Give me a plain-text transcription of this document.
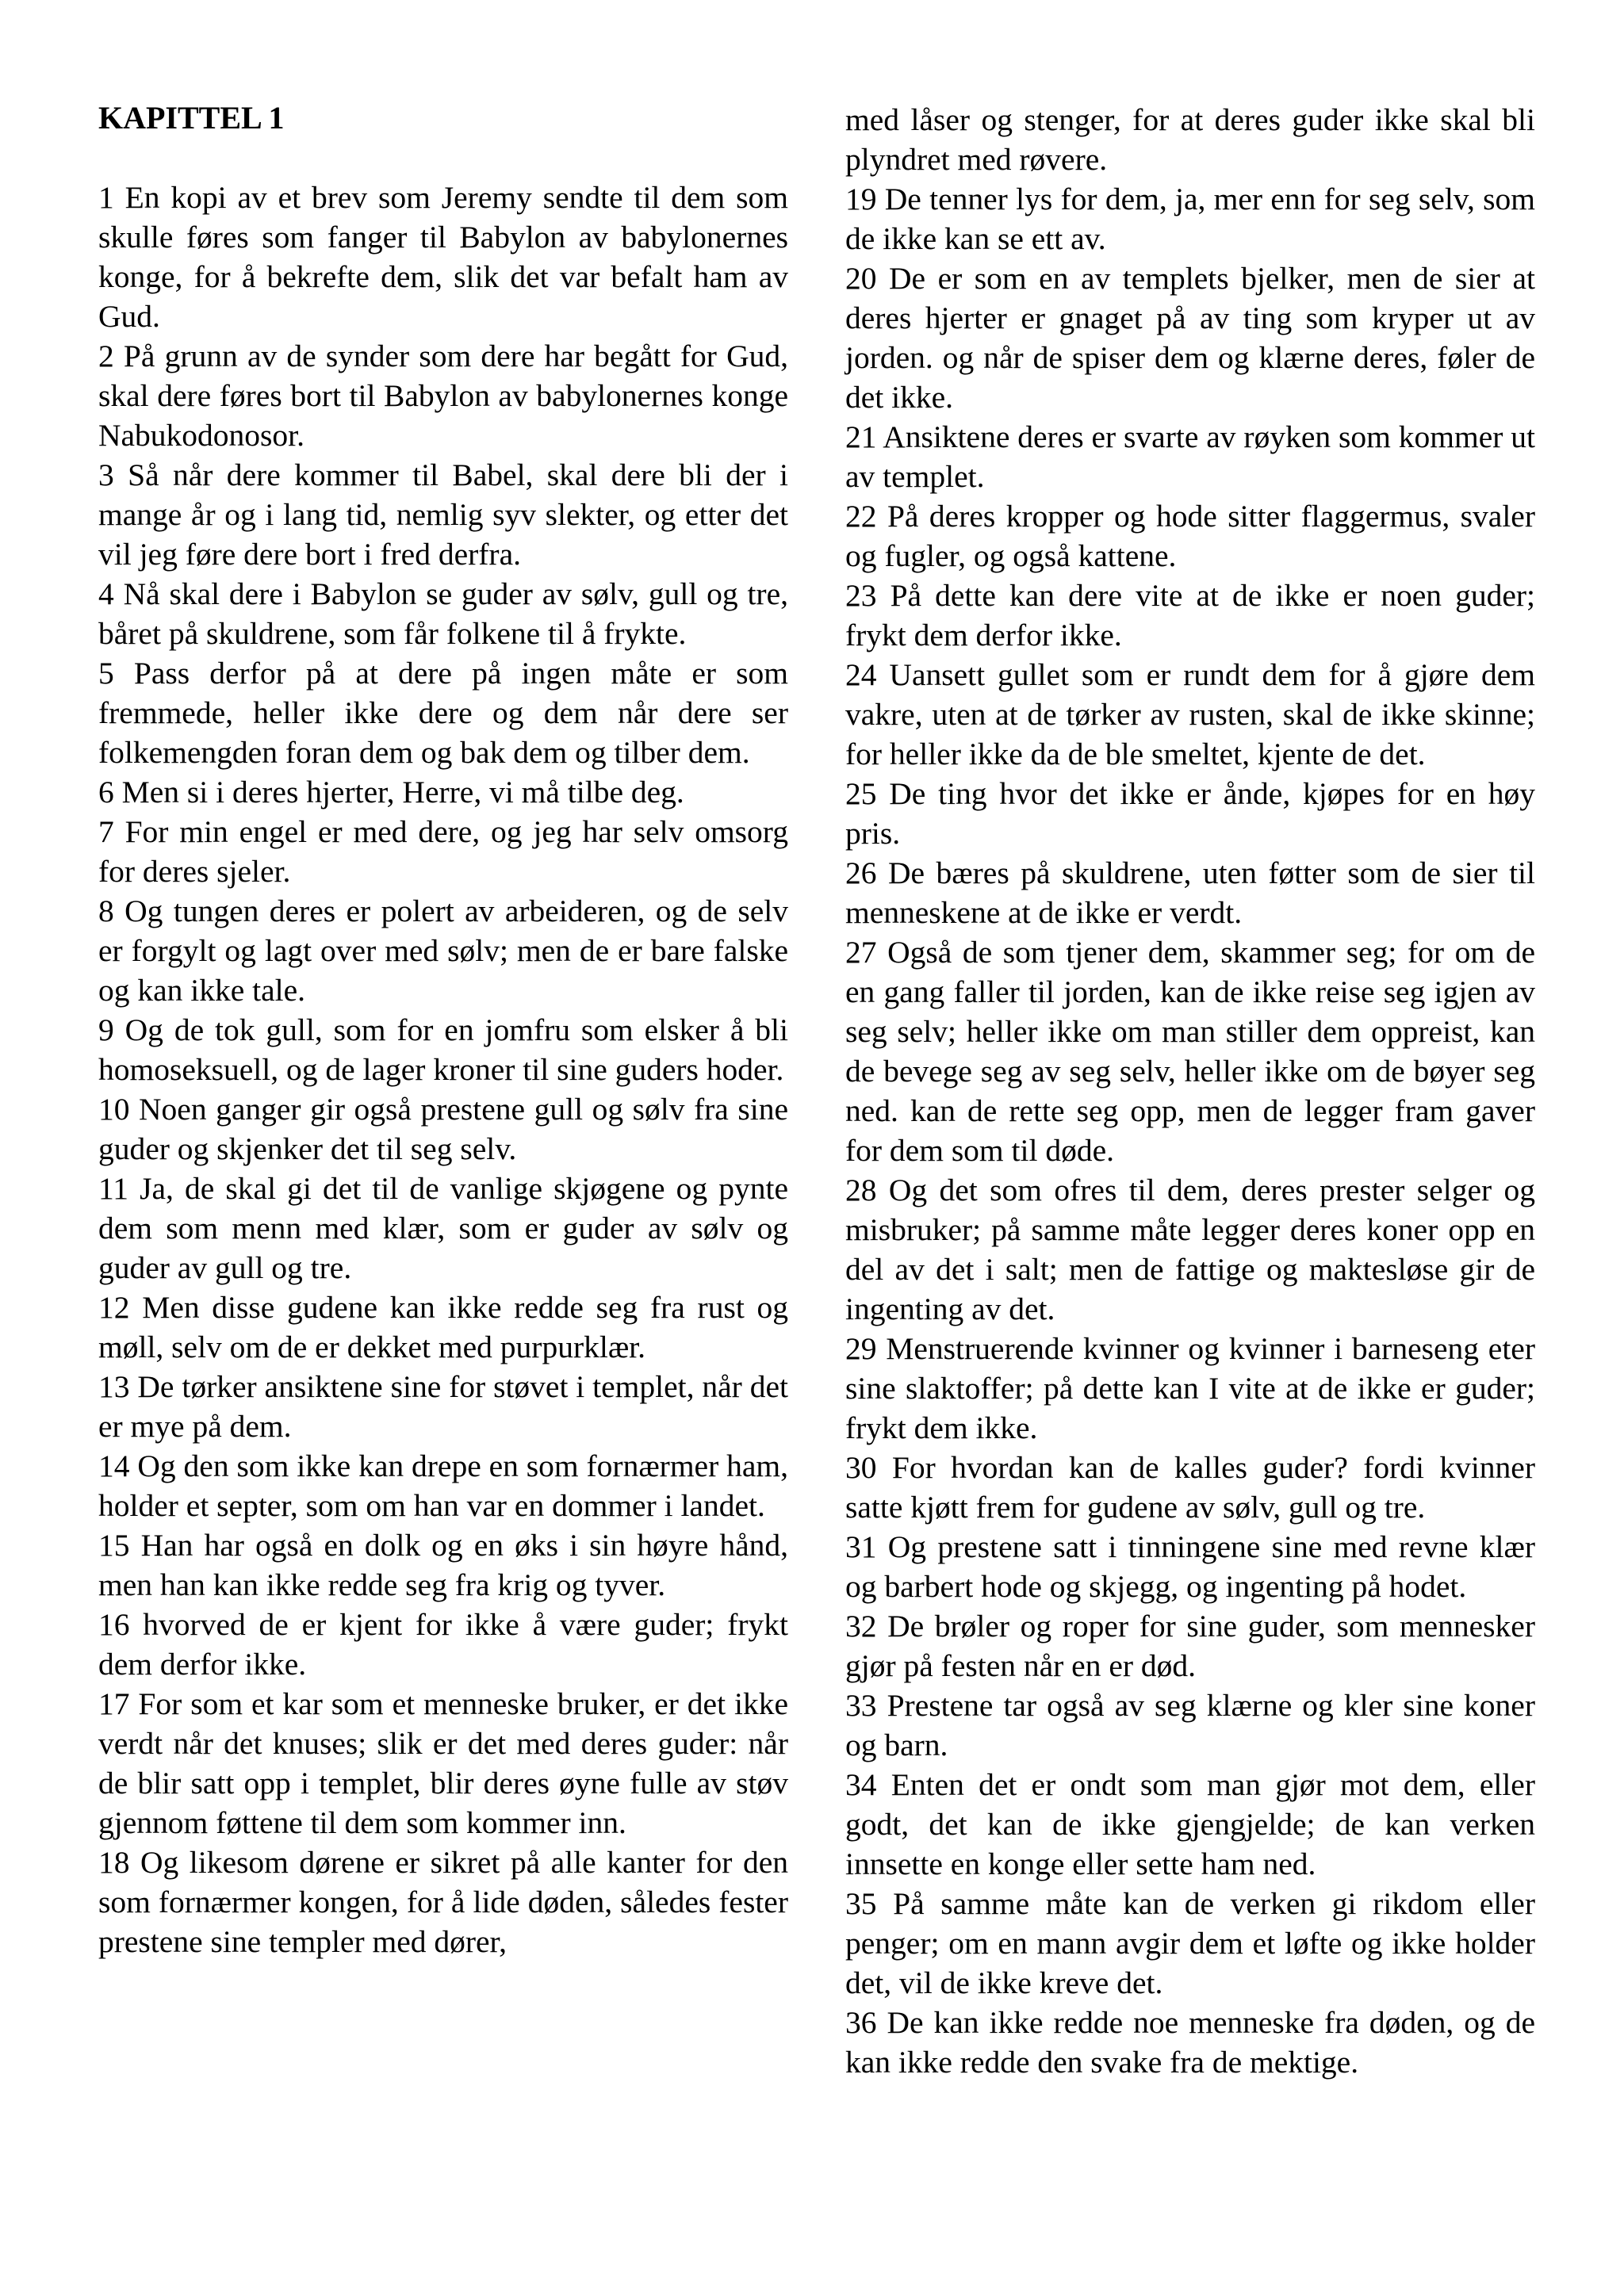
KAPITTEL 1

1 En kopi av et brev som Jeremy sendte til dem som skulle føres som fanger til Babylon av babylonernes konge, for å bekrefte dem, slik det var befalt ham av Gud.

2 På grunn av de synder som dere har begått for Gud, skal dere føres bort til Babylon av babylonernes konge Nabukodonosor.

3 Så når dere kommer til Babel, skal dere bli der i mange år og i lang tid, nemlig syv slekter, og etter det vil jeg føre dere bort i fred derfra.

4 Nå skal dere i Babylon se guder av sølv, gull og tre, båret på skuldrene, som får folkene til å frykte.

5 Pass derfor på at dere på ingen måte er som fremmede, heller ikke dere og dem når dere ser folkemengden foran dem og bak dem og tilber dem.

6 Men si i deres hjerter, Herre, vi må tilbe deg.

7 For min engel er med dere, og jeg har selv omsorg for deres sjeler.

8 Og tungen deres er polert av arbeideren, og de selv er forgylt og lagt over med sølv; men de er bare falske og kan ikke tale.

9 Og de tok gull, som for en jomfru som elsker å bli homoseksuell, og de lager kroner til sine guders hoder.

10 Noen ganger gir også prestene gull og sølv fra sine guder og skjenker det til seg selv.

11 Ja, de skal gi det til de vanlige skjøgene og pynte dem som menn med klær, som er guder av sølv og guder av gull og tre.

12 Men disse gudene kan ikke redde seg fra rust og møll, selv om de er dekket med purpurklær.

13 De tørker ansiktene sine for støvet i templet, når det er mye på dem.

14 Og den som ikke kan drepe en som fornærmer ham, holder et septer, som om han var en dommer i landet.

15 Han har også en dolk og en øks i sin høyre hånd, men han kan ikke redde seg fra krig og tyver.

16 hvorved de er kjent for ikke å være guder; frykt dem derfor ikke.

17 For som et kar som et menneske bruker, er det ikke verdt når det knuses; slik er det med deres guder: når de blir satt opp i templet, blir deres øyne fulle av støv gjennom føttene til dem som kommer inn.

18 Og likesom dørene er sikret på alle kanter for den som fornærmer kongen, for å lide døden, således fester prestene sine templer med dører,

med låser og stenger, for at deres guder ikke skal bli plyndret med røvere.

19 De tenner lys for dem, ja, mer enn for seg selv, som de ikke kan se ett av.

20 De er som en av templets bjelker, men de sier at deres hjerter er gnaget på av ting som kryper ut av jorden. og når de spiser dem og klærne deres, føler de det ikke.

21 Ansiktene deres er svarte av røyken som kommer ut av templet.

22 På deres kropper og hode sitter flaggermus, svaler og fugler, og også kattene.

23 På dette kan dere vite at de ikke er noen guder; frykt dem derfor ikke.

24 Uansett gullet som er rundt dem for å gjøre dem vakre, uten at de tørker av rusten, skal de ikke skinne; for heller ikke da de ble smeltet, kjente de det.

25 De ting hvor det ikke er ånde, kjøpes for en høy pris.

26 De bæres på skuldrene, uten føtter som de sier til menneskene at de ikke er verdt.

27 Også de som tjener dem, skammer seg; for om de en gang faller til jorden, kan de ikke reise seg igjen av seg selv; heller ikke om man stiller dem oppreist, kan de bevege seg av seg selv, heller ikke om de bøyer seg ned. kan de rette seg opp, men de legger fram gaver for dem som til døde.

28 Og det som ofres til dem, deres prester selger og misbruker; på samme måte legger deres koner opp en del av det i salt; men de fattige og maktesløse gir de ingenting av det.

29 Menstruerende kvinner og kvinner i barneseng eter sine slaktoffer; på dette kan I vite at de ikke er guder; frykt dem ikke.

30 For hvordan kan de kalles guder? fordi kvinner satte kjøtt frem for gudene av sølv, gull og tre.

31 Og prestene satt i tinningene sine med revne klær og barbert hode og skjegg, og ingenting på hodet.

32 De brøler og roper for sine guder, som mennesker gjør på festen når en er død.

33 Prestene tar også av seg klærne og kler sine koner og barn.

34 Enten det er ondt som man gjør mot dem, eller godt, det kan de ikke gjengjelde; de kan verken innsette en konge eller sette ham ned.

35 På samme måte kan de verken gi rikdom eller penger; om en mann avgir dem et løfte og ikke holder det, vil de ikke kreve det.

36 De kan ikke redde noe menneske fra døden, og de kan ikke redde den svake fra de mektige.
